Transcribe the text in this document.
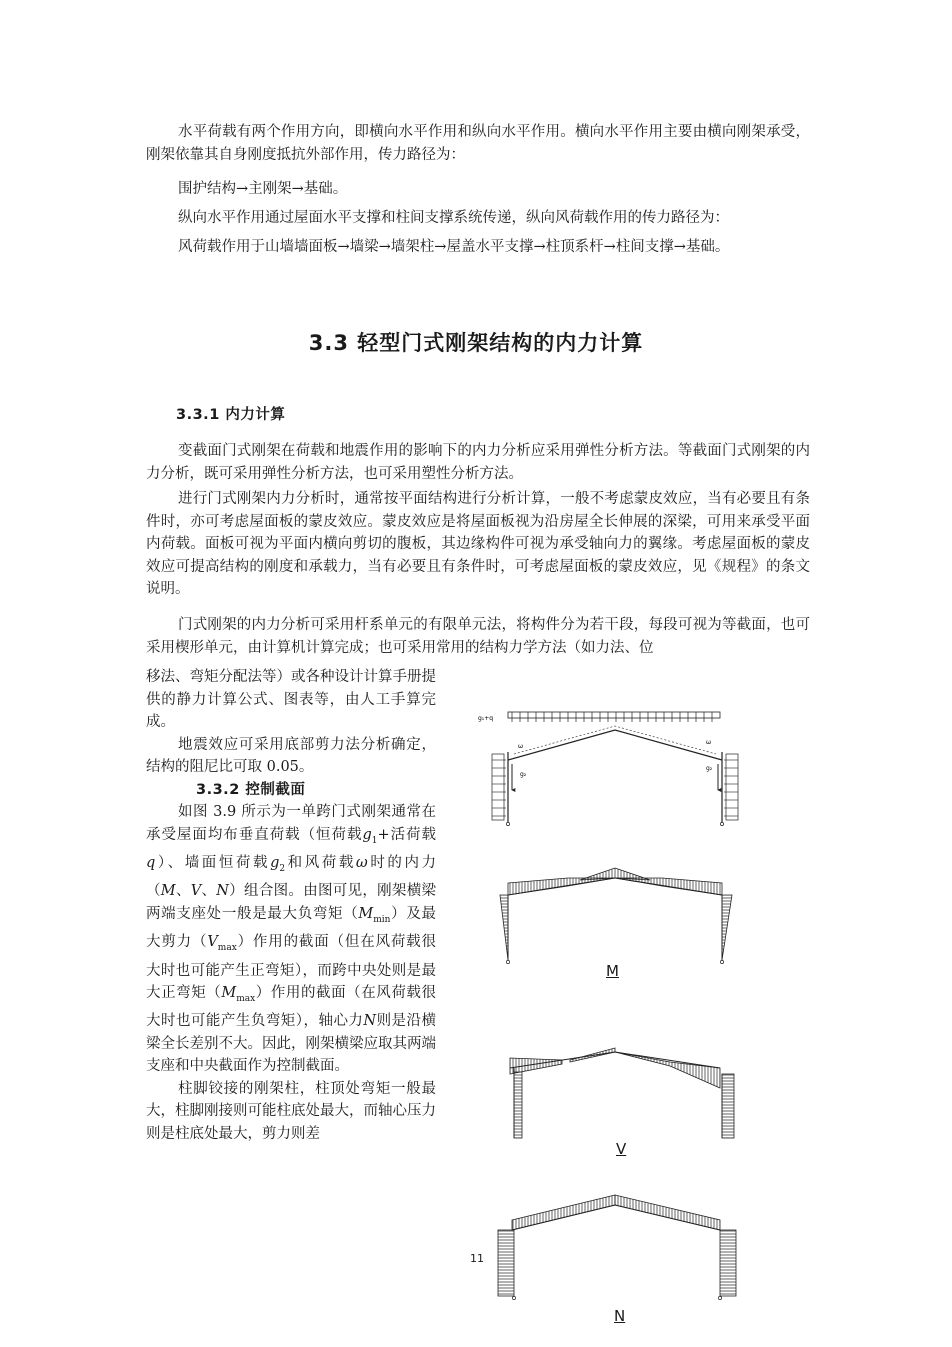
水平荷载有两个作用方向，即横向水平作用和纵向水平作用。横向水平作用主要由横向刚架承受，刚架依靠其自身刚度抵抗外部作用，传力路径为：

围护结构→主刚架→基础。

纵向水平作用通过屋面水平支撑和柱间支撑系统传递，纵向风荷载作用的传力路径为：

风荷载作用于山墙墙面板→墙梁→墙架柱→屋盖水平支撑→柱顶系杆→柱间支撑→基础。

3.3 轻型门式刚架结构的内力计算
3.3.1 内力计算

变截面门式刚架在荷载和地震作用的影响下的内力分析应采用弹性分析方法。等截面门式刚架的内力分析，既可采用弹性分析方法，也可采用塑性分析方法。

进行门式刚架内力分析时，通常按平面结构进行分析计算，一般不考虑蒙皮效应，当有必要且有条件时，亦可考虑屋面板的蒙皮效应。蒙皮效应是将屋面板视为沿房屋全长伸展的深梁，可用来承受平面内荷载。面板可视为平面内横向剪切的腹板，其边缘构件可视为承受轴向力的翼缘。考虑屋面板的蒙皮效应可提高结构的刚度和承载力，当有必要且有条件时，可考虑屋面板的蒙皮效应，见《规程》的条文说明。

门式刚架的内力分析可采用杆系单元的有限单元法，将构件分为若干段，每段可视为等截面，也可采用楔形单元，由计算机计算完成；也可采用常用的结构力学方法（如力法、位

移法、弯矩分配法等）或各种设计计算手册提供的静力计算公式、图表等，由人工手算完成。

地震效应可采用底部剪力法分析确定，结构的阻尼比可取 0.05。

3.3.2 控制截面

如图 3.9 所示为一单跨门式刚架通常在承受屋面均布垂直荷载（恒荷载$g_1+$活荷载q）、墙面恒荷载$g_2$和风荷载ω时的内力（M、V、N）组合图。由图可见，刚架横梁两端支座处一般是最大负弯矩$(M_{min})$及最大剪力$(V_{max})$作用的截面（但在风荷载很大时也可能产生正弯矩），而跨中央处则是最大正弯矩$(M_{max})$作用的截面（在风荷载很大时也可能产生负弯矩），轴心力N则是沿横梁全长差别不大。因此，刚架横梁应取其两端支座和中央截面作为控制截面。

柱脚铰接的刚架柱，柱顶处弯矩一般最大，柱脚刚接则可能柱底处最大，而轴心压力则是柱底处最大，剪力则差

g₁+q
g₂
g₂
ω
ω
M
V
N
11
